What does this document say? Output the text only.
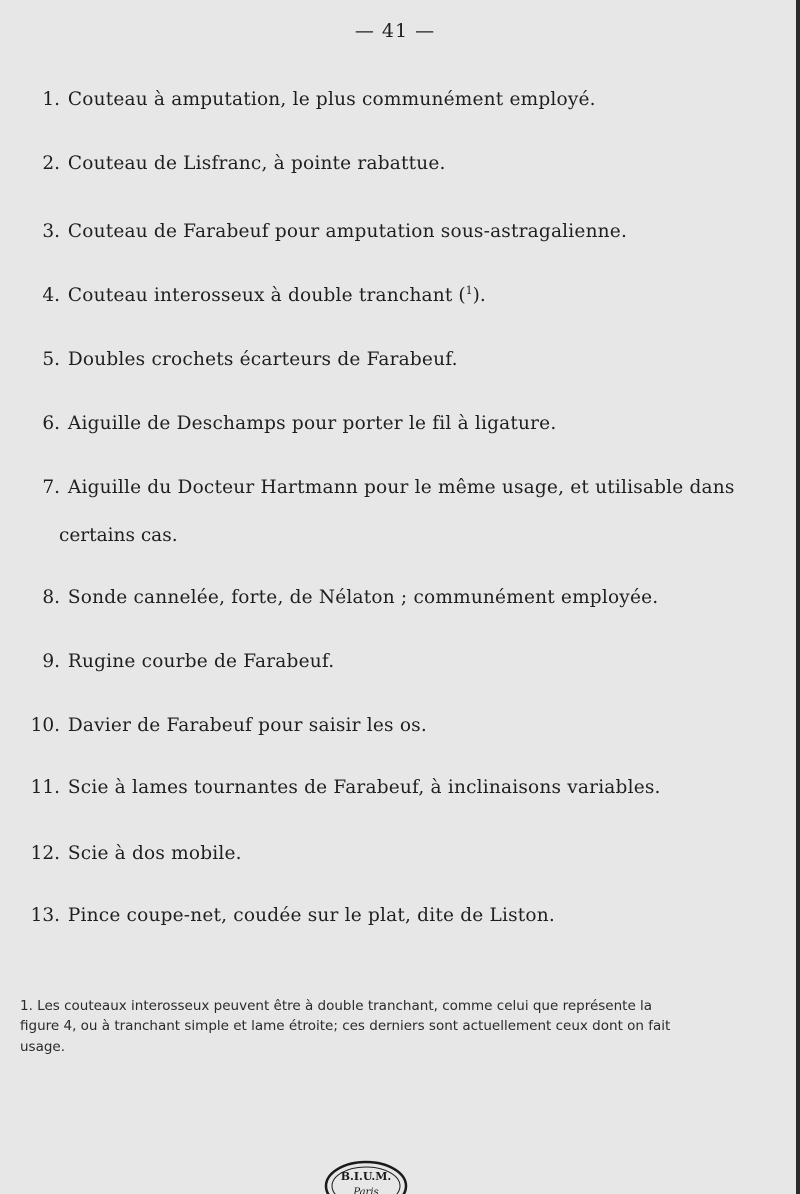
— 41 —
1. Couteau à amputation, le plus communément employé.
2. Couteau de Lisfranc, à pointe rabattue.
3. Couteau de Farabeuf pour amputation sous-astragalienne.
4. Couteau interosseux à double tranchant ($^1$).
5. Doubles crochets écarteurs de Farabeuf.
6. Aiguille de Deschamps pour porter le fil à ligature.
7. Aiguille du Docteur Hartmann pour le même usage, et utilisable dans
certains cas.
8. Sonde cannelée, forte, de Nélaton ; communément employée.
9. Rugine courbe de Farabeuf.
10. Davier de Farabeuf pour saisir les os.
11. Scie à lames tournantes de Farabeuf, à inclinaisons variables.
12. Scie à dos mobile.
13. Pince coupe-net, coudée sur le plat, dite de Liston.
1. Les couteaux interosseux peuvent être à double tranchant, comme celui que représente la
figure 4, ou à tranchant simple et lame étroite; ces derniers sont actuellement ceux dont on fait
usage.
B.I.U.M.
Paris
